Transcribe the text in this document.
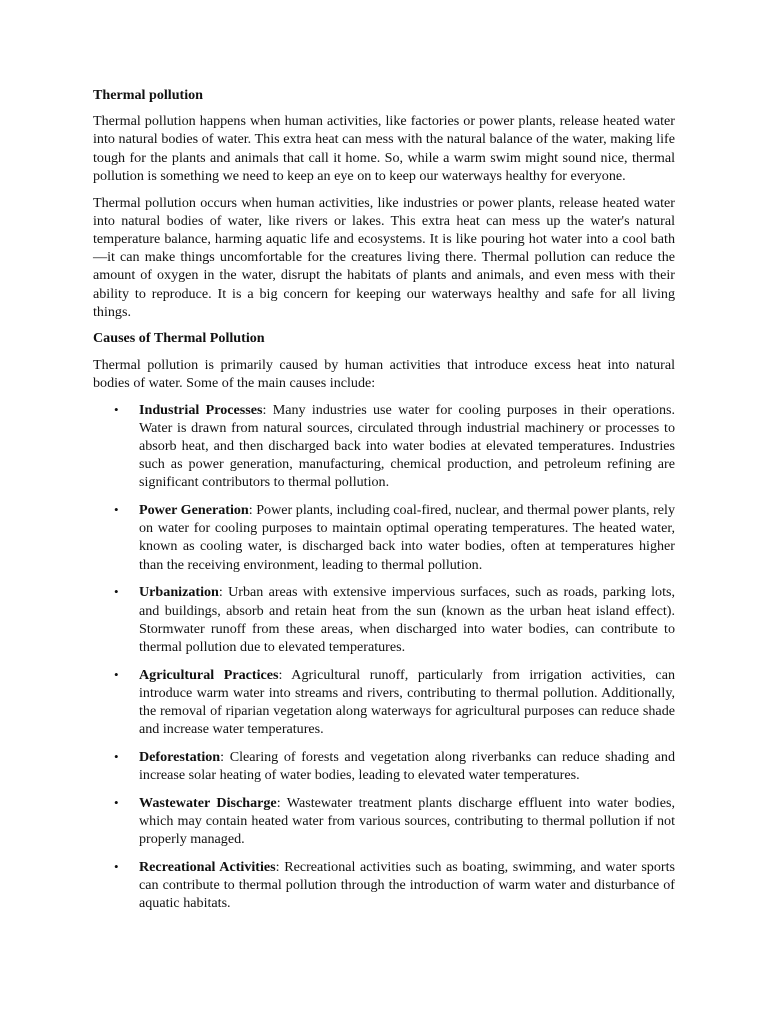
Thermal pollution

Thermal pollution happens when human activities, like factories or power plants, release heated water into natural bodies of water. This extra heat can mess with the natural balance of the water, making life tough for the plants and animals that call it home. So, while a warm swim might sound nice, thermal pollution is something we need to keep an eye on to keep our waterways healthy for everyone.

Thermal pollution occurs when human activities, like industries or power plants, release heated water into natural bodies of water, like rivers or lakes. This extra heat can mess up the water's natural temperature balance, harming aquatic life and ecosystems. It is like pouring hot water into a cool bath—it can make things uncomfortable for the creatures living there. Thermal pollution can reduce the amount of oxygen in the water, disrupt the habitats of plants and animals, and even mess with their ability to reproduce. It is a big concern for keeping our waterways healthy and safe for all living things.

Causes of Thermal Pollution

Thermal pollution is primarily caused by human activities that introduce excess heat into natural bodies of water. Some of the main causes include:

• Industrial Processes: Many industries use water for cooling purposes in their operations. Water is drawn from natural sources, circulated through industrial machinery or processes to absorb heat, and then discharged back into water bodies at elevated temperatures. Industries such as power generation, manufacturing, chemical production, and petroleum refining are significant contributors to thermal pollution.
• Power Generation: Power plants, including coal-fired, nuclear, and thermal power plants, rely on water for cooling purposes to maintain optimal operating temperatures. The heated water, known as cooling water, is discharged back into water bodies, often at temperatures higher than the receiving environment, leading to thermal pollution.
• Urbanization: Urban areas with extensive impervious surfaces, such as roads, parking lots, and buildings, absorb and retain heat from the sun (known as the urban heat island effect). Stormwater runoff from these areas, when discharged into water bodies, can contribute to thermal pollution due to elevated temperatures.
• Agricultural Practices: Agricultural runoff, particularly from irrigation activities, can introduce warm water into streams and rivers, contributing to thermal pollution. Additionally, the removal of riparian vegetation along waterways for agricultural purposes can reduce shade and increase water temperatures.
• Deforestation: Clearing of forests and vegetation along riverbanks can reduce shading and increase solar heating of water bodies, leading to elevated water temperatures.
• Wastewater Discharge: Wastewater treatment plants discharge effluent into water bodies, which may contain heated water from various sources, contributing to thermal pollution if not properly managed.
• Recreational Activities: Recreational activities such as boating, swimming, and water sports can contribute to thermal pollution through the introduction of warm water and disturbance of aquatic habitats.
